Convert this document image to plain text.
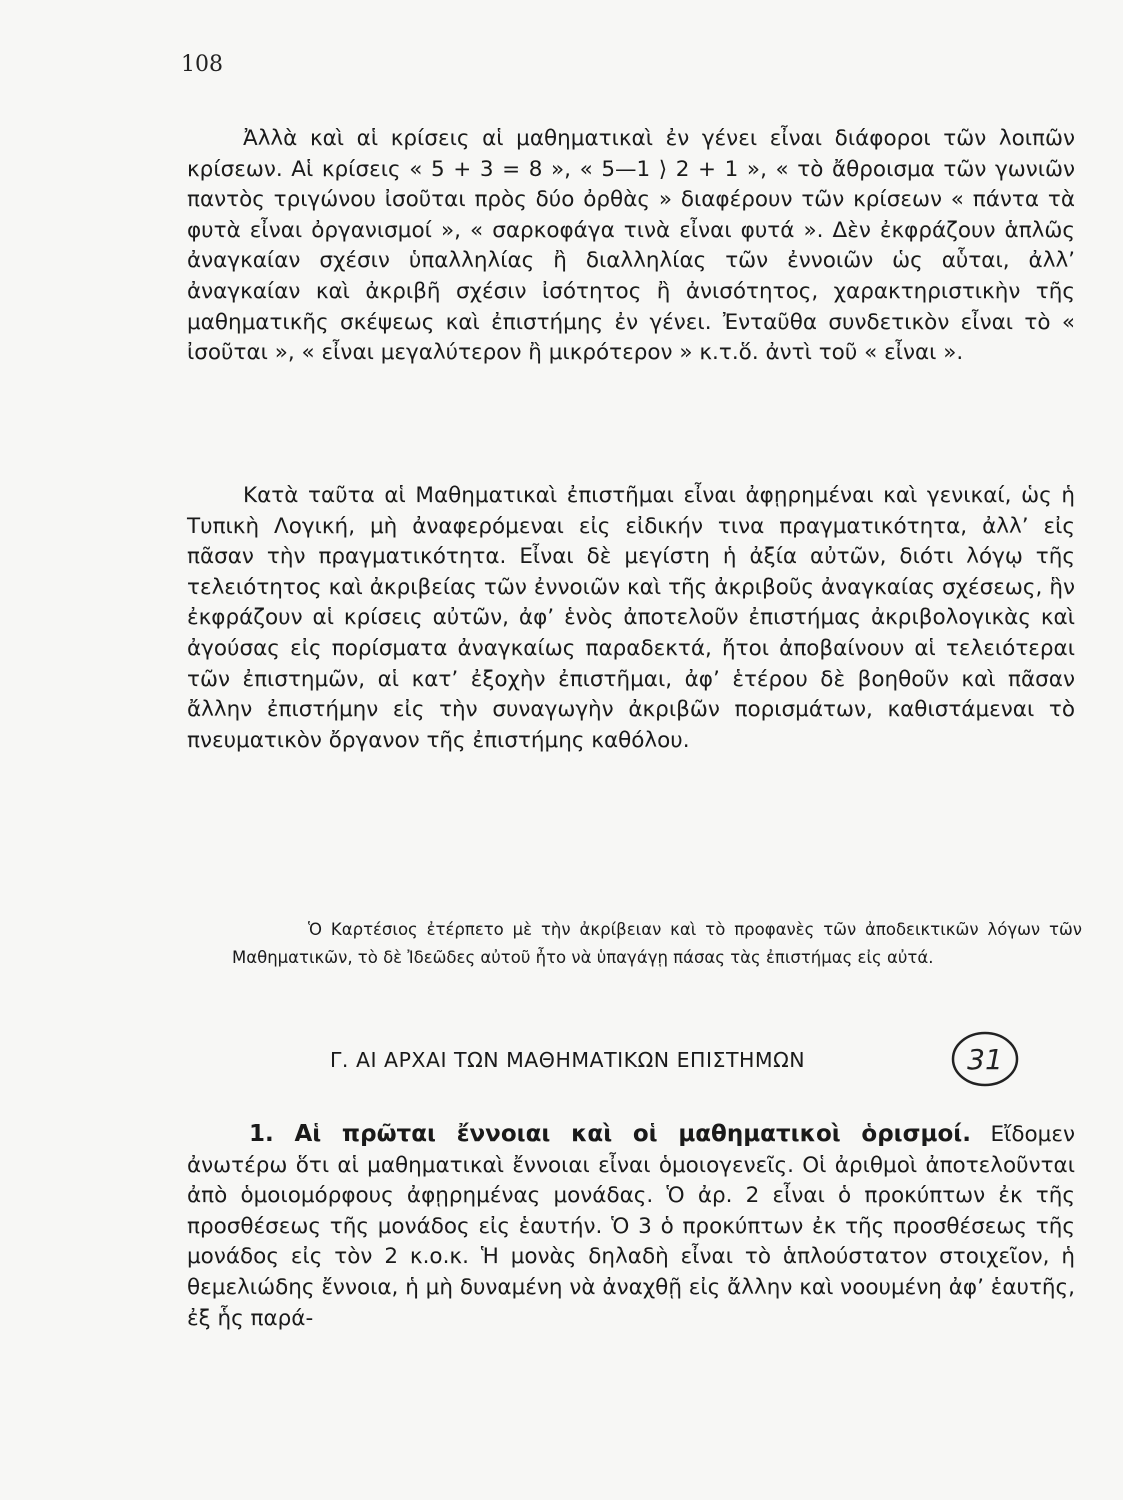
108

Ἀλλὰ καὶ αἱ κρίσεις αἱ μαθηματικαὶ ἐν γένει εἶναι διάφοροι τῶν λοιπῶν κρίσεων. Αἱ κρίσεις « 5 + 3 = 8 », « 5—1 ⟩ 2 + 1 », « τὸ ἄθροισμα τῶν γωνιῶν παντὸς τριγώνου ἰσοῦται πρὸς δύο ὀρθὰς » διαφέρουν τῶν κρίσεων « πάντα τὰ φυτὰ εἶναι ὀργανισμοί », « σαρκοφάγα τινὰ εἶναι φυτά ». Δὲν ἐκφράζουν ἁπλῶς ἀναγκαίαν σχέσιν ὑπαλληλίας ἢ διαλληλίας τῶν ἐννοιῶν ὡς αὗται, ἀλλ’ ἀναγκαίαν καὶ ἀκριβῆ σχέσιν ἰσότητος ἢ ἀνισότητος, χαρακτηριστικὴν τῆς μαθηματικῆς σκέψεως καὶ ἐπιστήμης ἐν γένει. Ἐνταῦθα συνδετικὸν εἶναι τὸ « ἰσοῦται », « εἶναι μεγαλύτερον ἢ μικρότερον » κ.τ.ὅ. ἀντὶ τοῦ « εἶναι ».

Κατὰ ταῦτα αἱ Μαθηματικαὶ ἐπιστῆμαι εἶναι ἀφῃρημέναι καὶ γενικαί, ὡς ἡ Τυπικὴ Λογική, μὴ ἀναφερόμεναι εἰς εἰδικήν τινα πραγματικότητα, ἀλλ’ εἰς πᾶσαν τὴν πραγματικότητα. Εἶναι δὲ μεγίστη ἡ ἀξία αὐτῶν, διότι λόγῳ τῆς τελειότητος καὶ ἀκριβείας τῶν ἐννοιῶν καὶ τῆς ἀκριβοῦς ἀναγκαίας σχέσεως, ἣν ἐκφράζουν αἱ κρίσεις αὐτῶν, ἀφ’ ἑνὸς ἀποτελοῦν ἐπιστήμας ἀκριβολογικὰς καὶ ἀγούσας εἰς πορίσματα ἀναγκαίως παραδεκτά, ἤτοι ἀποβαίνουν αἱ τελειότεραι τῶν ἐπιστημῶν, αἱ κατ’ ἐξοχὴν ἐπιστῆμαι, ἀφ’ ἑτέρου δὲ βοηθοῦν καὶ πᾶσαν ἄλλην ἐπιστήμην εἰς τὴν συναγωγὴν ἀκριβῶν πορισμάτων, καθιστάμεναι τὸ πνευματικὸν ὄργανον τῆς ἐπιστήμης καθόλου.

Ὁ Καρτέσιος ἐτέρπετο μὲ τὴν ἀκρίβειαν καὶ τὸ προφανὲς τῶν ἀποδεικτικῶν λόγων τῶν Μαθηματικῶν, τὸ δὲ Ἰδεῶδες αὐτοῦ ἦτο νὰ ὑπαγάγῃ πάσας τὰς ἐπιστήμας εἰς αὐτά.

Γ. ΑΙ ΑΡΧΑΙ ΤΩΝ ΜΑΘΗΜΑΤΙΚΩΝ ΕΠΙΣΤΗΜΩΝ	31

1. Αἱ πρῶται ἔννοιαι καὶ οἱ μαθηματικοὶ ὁρισμοί. Εἴδομεν ἀνωτέρω ὅτι αἱ μαθηματικαὶ ἔννοιαι εἶναι ὁμοιογενεῖς. Οἱ ἀριθμοὶ ἀποτελοῦνται ἀπὸ ὁμοιομόρφους ἀφῃρημένας μονάδας. Ὁ ἀρ. 2 εἶναι ὁ προκύπτων ἐκ τῆς προσθέσεως τῆς μονάδος εἰς ἑαυτήν. Ὁ 3 ὁ προκύπτων ἐκ τῆς προσθέσεως τῆς μονάδος εἰς τὸν 2 κ.ο.κ. Ἡ μονὰς δηλαδὴ εἶναι τὸ ἁπλούστατον στοιχεῖον, ἡ θεμελιώδης ἔννοια, ἡ μὴ δυναμένη νὰ ἀναχθῇ εἰς ἄλλην καὶ νοουμένη ἀφ’ ἑαυτῆς, ἐξ ἧς παρά-
